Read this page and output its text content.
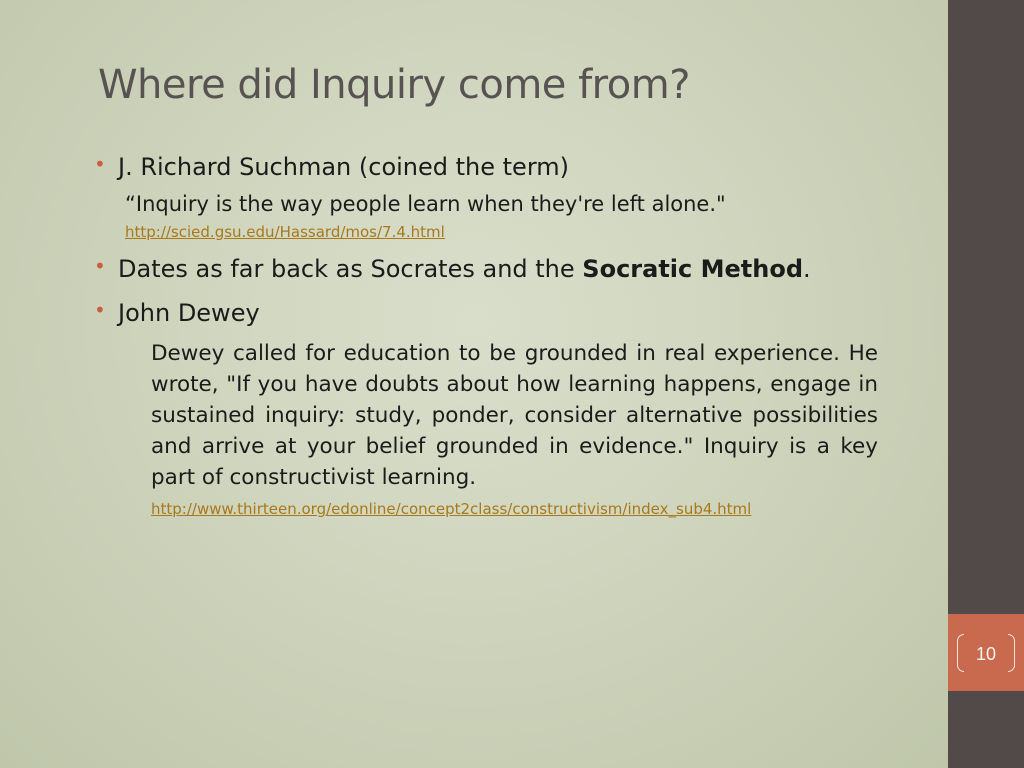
Where did Inquiry come from?
• J. Richard Suchman (coined the term)
“Inquiry is the way people learn when they're left alone."
http://scied.gsu.edu/Hassard/mos/7.4.html
• Dates as far back as Socrates and the Socratic Method.
• John Dewey
Dewey called for education to be grounded in real experience. He wrote, "If you have doubts about how learning happens, engage in sustained inquiry: study, ponder, consider alternative possibilities and arrive at your belief grounded in evidence." Inquiry is a key part of constructivist learning.
http://www.thirteen.org/edonline/concept2class/constructivism/index_sub4.html
10
